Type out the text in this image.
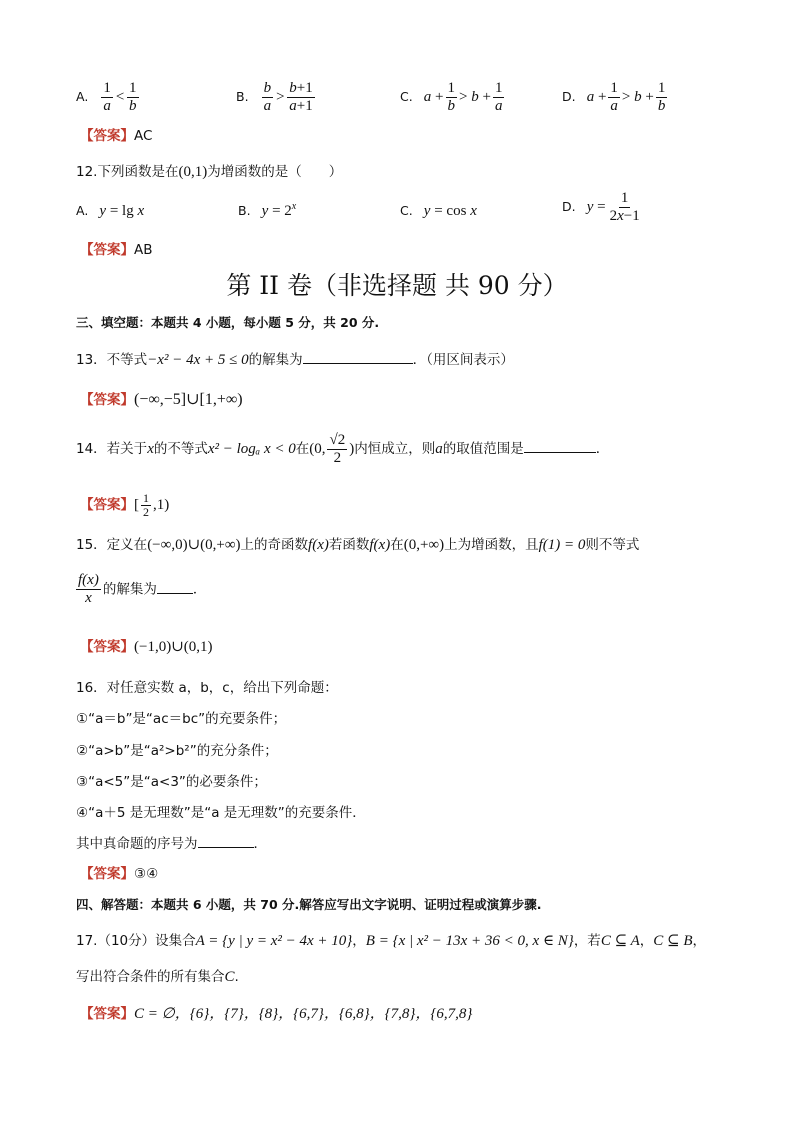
A. $\frac{1}{a} < \frac{1}{b}$	B. $\frac{b}{a} > \frac{b+1}{a+1}$	C. $a + \frac{1}{b} > b + \frac{1}{a}$	D. $a + \frac{1}{a} > b + \frac{1}{b}$
【答案】AC
12.下列函数是在(0,1)为增函数的是（　　）
A. y = lg x	B. $y = 2^x$	C. y = cos x	D. $y = \frac{1}{2x-1}$
【答案】AB
第 II 卷（非选择题 共 90 分）
三、填空题：本题共 4 小题，每小题 5 分，共 20 分.
13．不等式−x² − 4x + 5 ≤ 0的解集为	．（用区间表示）
【答案】(−∞,−5]∪[1,+∞)
14．若关于x的不等式x² − logₐ x < 0在(0, $\frac{√2}{2}$ )内恒成立，则a的取值范围是	．
【答案】[ $\frac{1}{2} ,1$)
15．定义在(−∞,0)∪(0,+∞)上的奇函数f(x)若函数f(x)在(0,+∞)上为增函数，且f(1) = 0则不等式
$\frac{f(x)}{x}$ 的解集为	．
【答案】(−1,0)∪(0,1)
16．对任意实数 a，b，c，给出下列命题：
①“a＝b”是“ac＝bc”的充要条件；
②“a>b”是“a²>b²”的充分条件；
③“a<5”是“a<3”的必要条件；
④“a＋5 是无理数”是“a 是无理数”的充要条件．
其中真命题的序号为	．
【答案】③④
四、解答题：本题共 6 小题，共 70 分.解答应写出文字说明、证明过程或演算步骤.
17.（10分）设集合A = {y | y = x² − 4x + 10}，B = {x | x² − 13x + 36 < 0, x ∈ N}，若C ⊆ A，C ⊆ B，
写出符合条件的所有集合C.
【答案】C = ∅，{6}，{7}，{8}，{6,7}，{6,8}，{7,8}，{6,7,8}
